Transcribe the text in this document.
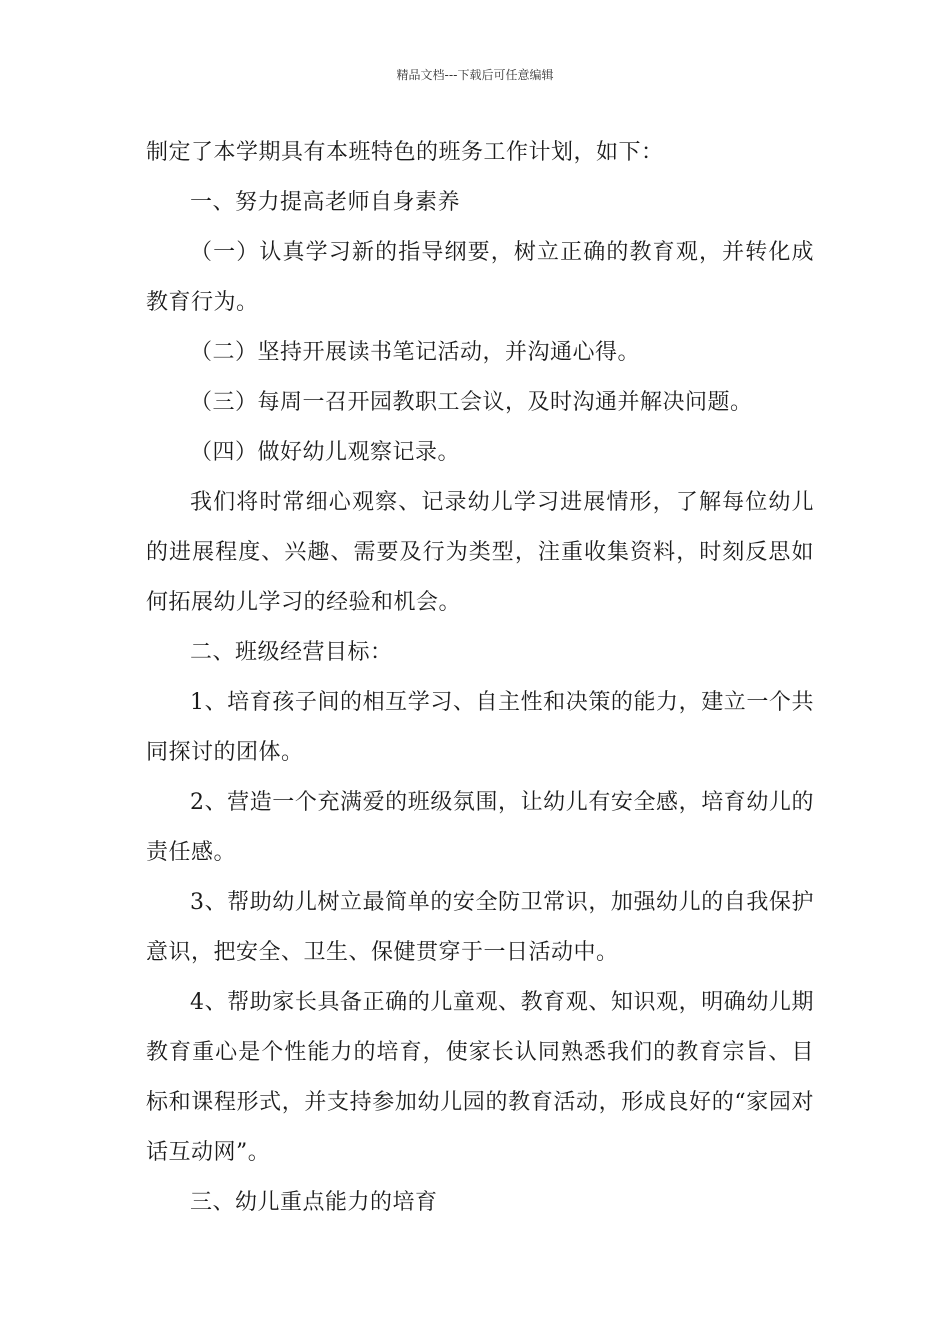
精品文档---下载后可任意编辑

制定了本学期具有本班特色的班务工作计划，如下：

一、努力提高老师自身素养

（一）认真学习新的指导纲要，树立正确的教育观，并转化成教育行为。

（二）坚持开展读书笔记活动，并沟通心得。

（三）每周一召开园教职工会议，及时沟通并解决问题。

（四）做好幼儿观察记录。

我们将时常细心观察、记录幼儿学习进展情形，了解每位幼儿的进展程度、兴趣、需要及行为类型，注重收集资料，时刻反思如何拓展幼儿学习的经验和机会。

二、班级经营目标：

1、培育孩子间的相互学习、自主性和决策的能力，建立一个共同探讨的团体。

2、营造一个充满爱的班级氛围，让幼儿有安全感，培育幼儿的责任感。

3、帮助幼儿树立最简单的安全防卫常识，加强幼儿的自我保护意识，把安全、卫生、保健贯穿于一日活动中。

4、帮助家长具备正确的儿童观、教育观、知识观，明确幼儿期教育重心是个性能力的培育，使家长认同熟悉我们的教育宗旨、目标和课程形式，并支持参加幼儿园的教育活动，形成良好的“家园对话互动网”。

三、幼儿重点能力的培育
